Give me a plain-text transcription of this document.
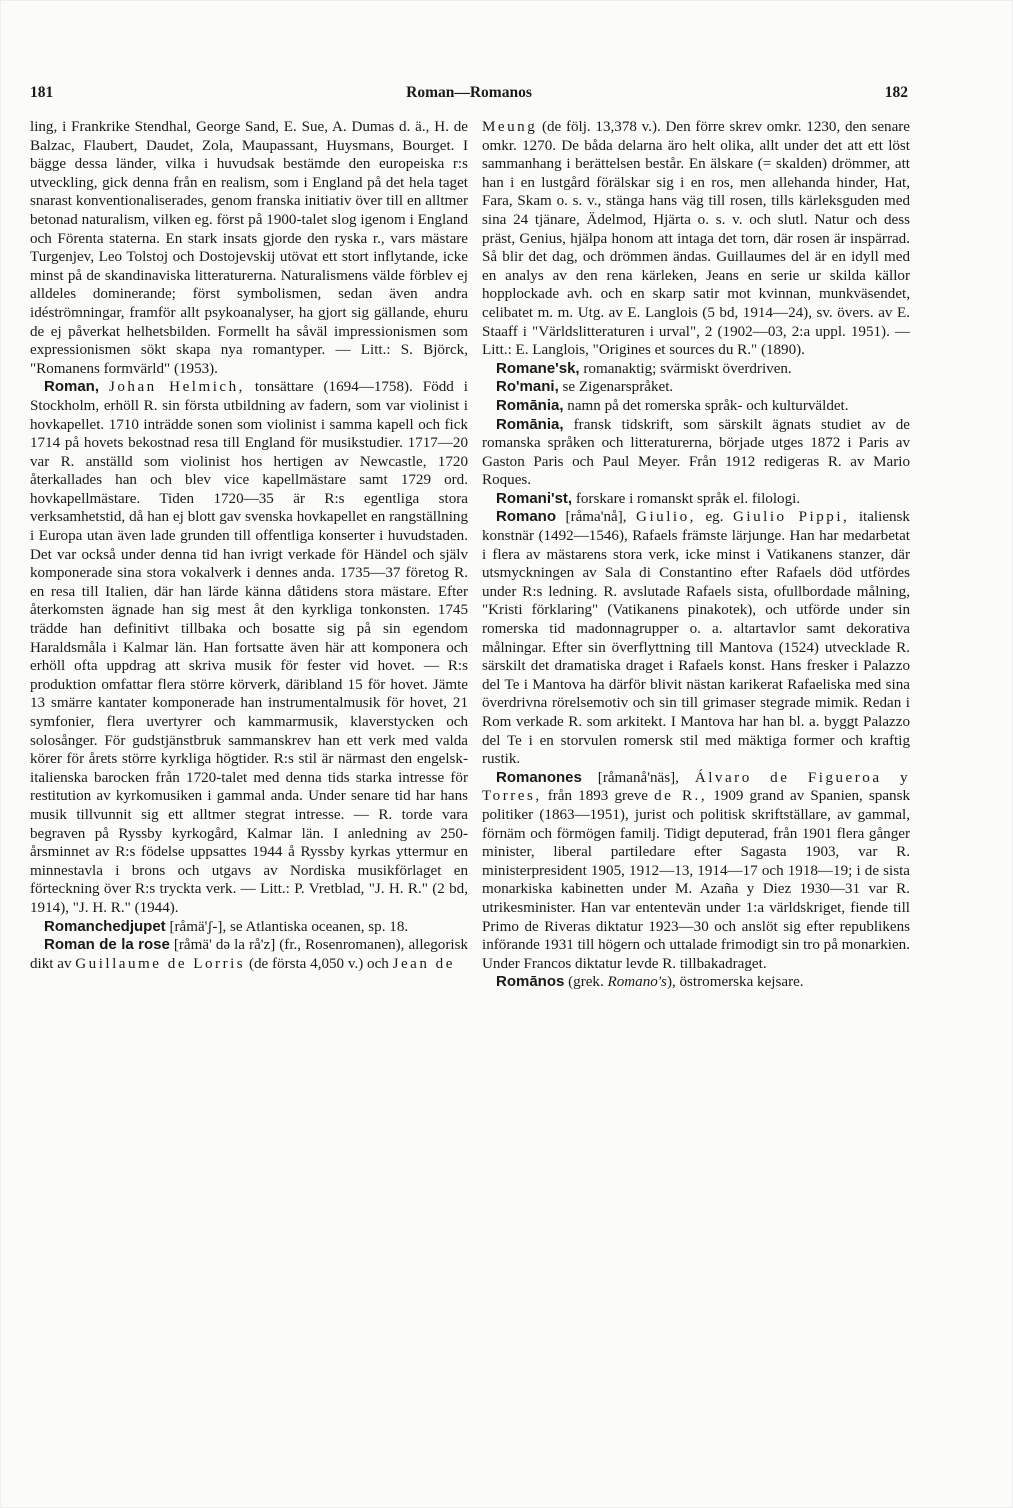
181	Roman—Romanos	182

ling, i Frankrike Stendhal, George Sand, E. Sue, A. Dumas d. ä., H. de Balzac, Flaubert, Daudet, Zola, Maupassant, Huysmans, Bourget. I bägge dessa länder, vilka i huvudsak bestämde den europeiska r:s utveckling, gick denna från en realism, som i England på det hela taget snarast konventionaliserades, genom franska initiativ över till en alltmer betonad naturalism, vilken eg. först på 1900-talet slog igenom i England och Förenta staterna. En stark insats gjorde den ryska r., vars mästare Turgenjev, Leo Tolstoj och Dostojevskij utövat ett stort inflytande, icke minst på de skandinaviska litteraturerna. Naturalismens välde förblev ej alldeles dominerande; först symbolismen, sedan även andra idéströmningar, framför allt psykoanalyser, ha gjort sig gällande, ehuru de ej påverkat helhetsbilden. Formellt ha såväl impressionismen som expressionismen sökt skapa nya romantyper. — Litt.: S. Björck, "Romanens formvärld" (1953).

Roman, Johan Helmich, tonsättare (1694—1758). Född i Stockholm, erhöll R. sin första utbildning av fadern, som var violinist i hovkapellet. 1710 inträdde sonen som violinist i samma kapell och fick 1714 på hovets bekostnad resa till England för musikstudier. 1717—20 var R. anställd som violinist hos hertigen av Newcastle, 1720 återkallades han och blev vice kapellmästare samt 1729 ord. hovkapellmästare. Tiden 1720—35 är R:s egentliga stora verksamhetstid, då han ej blott gav svenska hovkapellet en rangställning i Europa utan även lade grunden till offentliga konserter i huvudstaden. Det var också under denna tid han ivrigt verkade för Händel och själv komponerade sina stora vokalverk i dennes anda. 1735—37 företog R. en resa till Italien, där han lärde känna dåtidens stora mästare. Efter återkomsten ägnade han sig mest åt den kyrkliga tonkonsten. 1745 trädde han definitivt tillbaka och bosatte sig på sin egendom Haraldsmåla i Kalmar län. Han fortsatte även här att komponera och erhöll ofta uppdrag att skriva musik för fester vid hovet. — R:s produktion omfattar flera större körverk, däribland 15 för hovet. Jämte 13 smärre kantater komponerade han instrumentalmusik för hovet, 21 symfonier, flera uvertyrer och kammarmusik, klaverstycken och solosånger. För gudstjänstbruk sammanskrev han ett verk med valda körer för årets större kyrkliga högtider. R:s stil är närmast den engelsk-italienska barocken från 1720-talet med denna tids starka intresse för restitution av kyrkomusiken i gammal anda. Under senare tid har hans musik tillvunnit sig ett alltmer stegrat intresse. — R. torde vara begraven på Ryssby kyrkogård, Kalmar län. I anledning av 250-årsminnet av R:s födelse uppsattes 1944 å Ryssby kyrkas yttermur en minnestavla i brons och utgavs av Nordiska musikförlaget en förteckning över R:s tryckta verk. — Litt.: P. Vretblad, "J. H. R." (2 bd, 1914), "J. H. R." (1944).

Romanchedjupet [råmä'ʃ-], se Atlantiska oceanen, sp. 18.

Roman de la rose [råmä' də la rå'z] (fr., Rosenromanen), allegorisk dikt av Guillaume de Lorris (de första 4,050 v.) och Jean de

Meung (de följ. 13,378 v.). Den förre skrev omkr. 1230, den senare omkr. 1270. De båda delarna äro helt olika, allt under det att ett löst sammanhang i berättelsen består. En älskare (= skalden) drömmer, att han i en lustgård förälskar sig i en ros, men allehanda hinder, Hat, Fara, Skam o. s. v., stänga hans väg till rosen, tills kärleksguden med sina 24 tjänare, Ädelmod, Hjärta o. s. v. och slutl. Natur och dess präst, Genius, hjälpa honom att intaga det torn, där rosen är inspärrad. Så blir det dag, och drömmen ändas. Guillaumes del är en idyll med en analys av den rena kärleken, Jeans en serie ur skilda källor hopplockade avh. och en skarp satir mot kvinnan, munkväsendet, celibatet m. m. Utg. av E. Langlois (5 bd, 1914—24), sv. övers. av E. Staaff i "Världslitteraturen i urval", 2 (1902—03, 2:a uppl. 1951). — Litt.: E. Langlois, "Origines et sources du R." (1890).

Romane'sk, romanaktig; svärmiskt överdriven.

Ro'mani, se Zigenarspråket.

Romānia, namn på det romerska språk- och kulturväldet.

Romānia, fransk tidskrift, som särskilt ägnats studiet av de romanska språken och litteraturerna, började utges 1872 i Paris av Gaston Paris och Paul Meyer. Från 1912 redigeras R. av Mario Roques.

Romani'st, forskare i romanskt språk el. filologi.

Romano [råma'nå], Giulio, eg. Giulio Pippi, italiensk konstnär (1492—1546), Rafaels främste lärjunge. Han har medarbetat i flera av mästarens stora verk, icke minst i Vatikanens stanzer, där utsmyckningen av Sala di Constantino efter Rafaels död utfördes under R:s ledning. R. avslutade Rafaels sista, ofullbordade målning, "Kristi förklaring" (Vatikanens pinakotek), och utförde under sin romerska tid madonnagrupper o. a. altartavlor samt dekorativa målningar. Efter sin överflyttning till Mantova (1524) utvecklade R. särskilt det dramatiska draget i Rafaels konst. Hans fresker i Palazzo del Te i Mantova ha därför blivit nästan karikerat Rafaeliska med sina överdrivna rörelsemotiv och sin till grimaser stegrade mimik. Redan i Rom verkade R. som arkitekt. I Mantova har han bl. a. byggt Palazzo del Te i en storvulen romersk stil med mäktiga former och kraftig rustik.

Romanones [råmanå'näs], Álvaro de Figueroa y Torres, från 1893 greve de R., 1909 grand av Spanien, spansk politiker (1863—1951), jurist och politisk skriftställare, av gammal, förnäm och förmögen familj. Tidigt deputerad, från 1901 flera gånger minister, liberal partiledare efter Sagasta 1903, var R. ministerpresident 1905, 1912—13, 1914—17 och 1918—19; i de sista monarkiska kabinetten under M. Azaña y Diez 1930—31 var R. utrikesminister. Han var ententevän under 1:a världskriget, fiende till Primo de Riveras diktatur 1923—30 och anslöt sig efter republikens införande 1931 till högern och uttalade frimodigt sin tro på monarkien. Under Francos diktatur levde R. tillbakadraget.

Romānos (grek. Romano's), östromerska kejsare.
